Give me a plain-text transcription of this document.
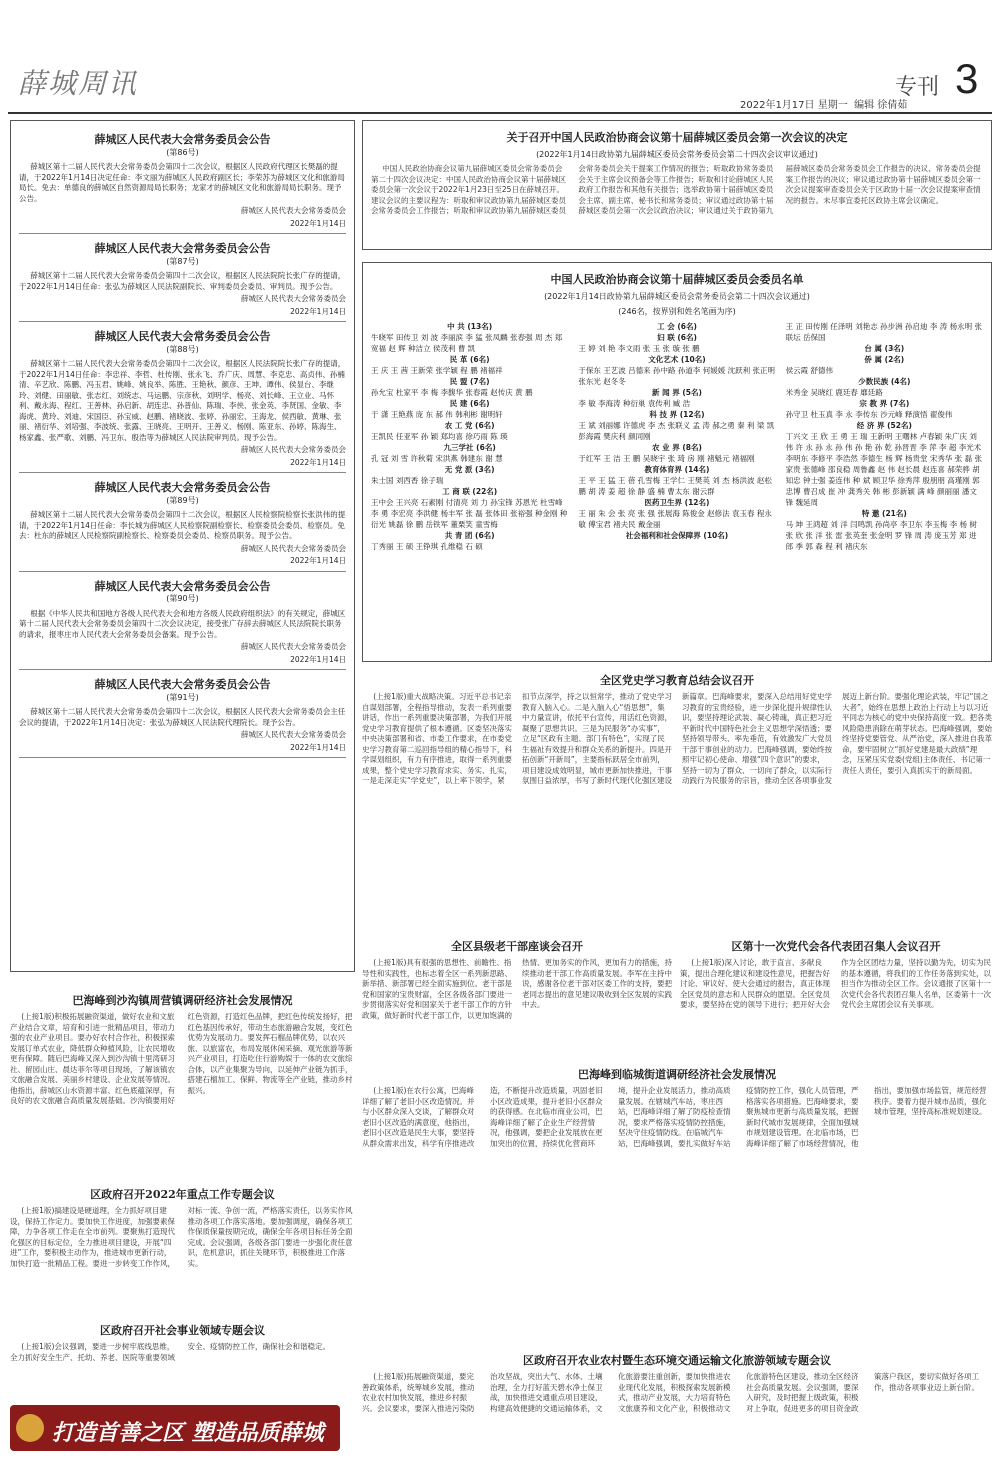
薛城周讯
2022年1月17日 星期一 编辑 徐倩茹
专刊 3
薛城区人民代表大会常务委员会公告
(第86号)

薛城区第十二届人民代表大会常务委员会第四十二次会议，根据区人民政府代理区长樊磊的提请，于2022年1月14日决定任命：李文丽为薛城区人民政府副区长；李荣苏为薛城区文化和旅游局局长。免去：单德良的薛城区自然资源局局长职务；龙家才的薛城区文化和旅游局局长职务。现予公告。

薛城区人民代表大会常务委员会
2022年1月14日
薛城区人民代表大会常务委员会公告
(第87号)

薛城区第十二届人民代表大会常务委员会第四十二次会议，根据区人民法院院长张广存的提请，于2022年1月14日任命：张弘为薛城区人民法院副院长、审判委员会委员、审判员。现予公告。

薛城区人民代表大会常务委员会
2022年1月14日
薛城区人民代表大会常务委员会公告
(第88号)

薛城区第十二届人民代表大会常务委员会第四十二次会议，根据区人民法院院长张广存的提请，于2022年1月14日任命：李忠祥、李哲、杜传刚、张永飞、乔广庆、周慧、李克忠、高贞伟、孙楠清、辛艺欣、陈鹏、冯玉君、姚峰、姚良举、陈胜、王艳秋、颜彦、王坤、谭伟、侯显台、李继玲、刘健、田丽敏、张志红、刘统志、马运鹏、宗彦秋、刘明学、杨亮、刘长峰、王立业、马怀利、戴永海、程红、王善林、孙启新、胡连忠、孙普仙、陈瑞、李侠、张金英、李贤国、金敏、李海虎、黄玲、刘迪、宋国臣、孙宝威、赵鹏、褚晓波、张婷、孙丽宏、王海龙、侯西敏、黄琳、张丽、褚衍华、刘培强、李波统、张露、王晓亮、王明开、王善义、杨刚、陈亚东、孙婷、陈海生、杨家鑫、张严歌、刘鹏、冯卫东、殷浩等为薛城区人民法院审判员。现予公告。

薛城区人民代表大会常务委员会
2022年1月14日
薛城区人民代表大会常务委员会公告
(第89号)

薛城区第十二届人民代表大会常务委员会第四十二次会议，根据区人民检察院检察长张洪伟的提请，于2022年1月14日任命：李长城为薛城区人民检察院副检察长、检察委员会委员、检察员。免去：杜东的薛城区人民检察院副检察长、检察委员会委员、检察员职务。现予公告。

薛城区人民代表大会常务委员会
2022年1月14日
薛城区人民代表大会常务委员会公告
(第90号)

根据《中华人民共和国地方各级人民代表大会和地方各级人民政府组织法》的有关规定，薛城区第十二届人民代表大会常务委员会第四十二次会议决定，接受张广存辞去薛城区人民法院院长职务的请求，报枣庄市人民代表大会常务委员会备案。现予公告。

薛城区人民代表大会常务委员会
2022年1月14日
薛城区人民代表大会常务委员会公告
(第91号)

薛城区第十二届人民代表大会常务委员会第四十二次会议，根据区人民代表大会常务委员会主任会议的提请，于2022年1月14日决定：张弘为薛城区人民法院代理院长。现予公告。

薛城区人民代表大会常务委员会
2022年1月14日
关于召开中国人民政治协商会议第十届薛城区委员会第一次会议的决定
(2022年1月14日政协第九届薛城区委员会常务委员会第二十四次会议审议通过)

中国人民政治协商会议第九届薛城区委员会常务委员会第二十四次会议决定：中国人民政治协商会议第十届薛城区委员会第一次会议于2022年1月23日至25日在薛城召开。建议会议的主要议程为：听取和审议政协第九届薛城区委员会常务委员会工作报告；听取和审议政协第九届薛城区委员会常务委员会关于提案工作情况的报告；听取政协常务委员会关于主席会议预备会等工作报告；听取和讨论薛城区人民政府工作报告和其他有关报告；选举政协第十届薛城区委员会主席、副主席、秘书长和常务委员；审议通过政协第十届薛城区委员会第一次会议政治决议；审议通过关于政协第九届薛城区委员会常务委员会工作报告的决议、常务委员会提案工作报告的决议；审议通过政协第十届薛城区委员会第一次会议提案审查委员会关于区政协十届一次会议提案审查情况的报告。未尽事宜委托区政协主席会议确定。

中国人民政治协商会议第十届薛城区委员会委员名单
(2022年1月14日政协第九届薛城区委员会常务委员会第二十四次会议通过)
(246名，按界别和姓名笔画为序)
中 共 (13名)
牛晓军 田传卫 刘 波 李丽滨 李 猛 张凤麟 张春强 周 杰 郑宽福 赵 辉 种洁立 侯茂利 曹 凯
民 革 (6名)
王 庆 王 茜 王新荣 张学颖 程 鹏 褚福祥
民 盟 (7名)
孙允宝 杜家平 李 梅 李馥华 张春霞 赵传庆 黄 鹏
民 建 (6名)
于 潇 王艳燕 庞 东 郝 伟 韩利彬 谢明轩
农 工 党 (6名)
王凯民 任亚军 孙 颖 郑均喜 徐巧雨 陈 瑛
九三学社 (6名)
孔 冠 刘 雪 许秋菊 宋洪燕 韩建东 谢 慧
无 党 派 (3名)
朱士国 刘西香 徐子瑞
工 商 联 (22名)
王中会 王兴亮 石素刚 付清亮 刘 力 孙宝锋 苏恩光 杜雪峰 李 勇 李宏亮 李洪健 杨丰军 张 磊 张体田 张裕强 种金刚 种衍光 姚磊 徐 鹏 岳铁军 董栗笑 童雪梅
共 青 团 (6名)
丁秀丽 王 硕 王铮琪 孔维稳 石 硕
工 会 (6名)
妇 联 (6名)
王 婷 刘 艳 李文雨 张 玉 张 璇 张 鹏
文化艺术 (10名)
于保东 王艺波 吕德来 孙中路 孙道李 何媛媛 沈跃利 张正明 张东光 赵冬冬
新 闻 界 (5名)
李 敏 李海涛 种衍巢 袁传利 臧 浩
科 技 界 (12名)
王 斌 刘丽娜 许德虎 李 杰 张联义 孟 涛 郝之勇 秦 利 梁 凯 彭海霞 樊庆利 颜同刚
农 业 界 (8名)
于红军 王 洁 王 鹏 吴晓宇 张 琦 房 刚 褚魁元 褚福刚
教育体育界 (14名)
王 平 王 猛 王 蓓 孔雪梅 王学仁 王樊英 刘 杰 杨洪波 赵松鹏 胡 涛 姜 超 徐 静 盛 楠 曹太东 谢云群
医药卫生界 (12名)
王 丽 朱 会 张 亮 张 强 张展海 陈俊金 赵修法 袁玉春 程永敏 傅宝君 褚夫民 戴金丽
社会福利和社会保障界 (10名)
王 正 田传刚 任泽明 刘艳志 孙步洲 孙启迪 李 涛 杨永明 张联坛 岳保国
台 属 (3名)
侨 属 (2名)
侯云霞 舒德伟
少数民族 (4名)
米秀金 吴晓红 鹿廷春 靡廷路
宗 教 界 (7名)
孙守卫 杜玉真 李 永 李传东 沙元峰 释演悟 翟俊伟
经 济 界 (52名)
丁兴文 王 欣 王 勇 王 瑞 王新明 王曙林 卢春颖 朱广庆 刘 伟 许 永 孙 永 孙 伟 孙 艳 孙 乾 孙晋晋 李 萍 李 超 李光术 李明东 李修平 李浩然 李德生 杨 辉 杨贵堂 宋秀华 张 磊 张家贵 张德峰 邵良稳 周鲁鑫 赵 伟 赵长晨 赵连喜 郝荣骅 胡知忠 钟士强 姜连伟 种 斌 顾卫华 徐秀萍 殷朋朋 高瑾刚 郭忠博 曹召成 崔 冲 龚秀关 韩 彬 彭新颖 满 峰 颜丽丽 潘文锋 魏延周
特 邀 (21名)
马 坤 王鸿超 刘 洋 闫鸣凯 孙尚亭 李卫东 李玉梅 李 杨 树 张 欣 张 洋 张 雷 张英奎 张金明 罗 锋 周 涛 庞玉芳 郑 进 郎 季 郭 森 程 利 褚庆东
全区党史学习教育总结会议召开

(上接1版)重大战略决策。习近平总书记亲自谋划部署，全程指导推动，发表一系列重要讲话，作出一系列重要决策部署，为我们开展党史学习教育提供了根本遵循。区委坚决落实中央决策部署和省、市委工作要求，在市委党史学习教育第二巡回指导组的精心指导下，科学谋划组织，有力有序推进，取得一系列重要成果，整个党史学习教育求实、务实、扎实，一是走深走实“学党史”，以上率下领学，紧扣节点深学，持之以恒常学，推动了党史学习教育入脑入心。二是入脑入心“悟思想”，集中力量宣讲，依托平台宣传，用活红色资源，凝聚了思想共识。三是为民服务“办实事”，立足“区政有主题、部门有特色”，实现了民生福祉有效提升和群众关系的新提升。四是开拓创新“开新局”，主要指标跃居全市前列，项目建设成效明显，城市更新加快推进，干事氛围日益浓厚，书写了新时代现代化强区建设新篇章。巴海峰要求，要深入总结用好党史学习教育的宝贵经验，进一步深化提升规律性认识，要坚持理论武装、凝心铸魂，真正把习近平新时代中国特色社会主义思想学深悟透；要坚持领导带头、率先垂范，有效激发广大党员干部干事创业的动力。巴海峰强调，要始终按照牢记初心使命、增强“四个意识”的要求，坚持一切为了群众、一切向了群众，以实际行动践行为民服务的宗旨，推动全区各项事业发展迈上新台阶。要强化理论武装，牢记“国之大者”，始终在思想上政治上行动上与以习近平同志为核心的党中央保持高度一致。把各类风险隐患消除在萌芽状态。巴海峰强调，要始终坚持党要管党、从严治党，深入推进自我革命，要牢固树立“抓好党建是最大政绩”理念，压紧压实党委(党组)主体责任、书记第一责任人责任，要引入真抓实干的新局面。

全区县级老干部座谈会召开

(上接1版)具有很强的思想性、前瞻性、指导性和实践性，也标志着全区一系列新思路、新举措、新部署已经全面实施到位。老干部是党和国家的宝贵财富，全区各级各部门要进一步贯彻落实好党和国家关于老干部工作的方针政策，做好新时代老干部工作，以更加饱满的热情、更加务实的作风，更加有力的措施，持续推动老干部工作高质量发展。李军在主持中说，感谢各位老干部对区委工作的支持，要把老同志提出的意见建议吸收到全区发展的实践中去。

区第十一次党代会各代表团召集人会议召开

(上接1版)深入讨论，敢于直言、多献良策，提出合理化建议和建设性意见，把握告好讨论、审议好、使大会通过的报告，真正体现全区党员的意志和人民群众的愿望。全区党员要求，要坚持在党的领导下进行；把开好大会作为全区团结力量，坚持以勤为先，切实为民的基本遵循，将我们的工作任务落到实处，以担当作为推动全区工作。会议通报了区第十一次党代会各代表团召集人名单，区委第十一次党代会主席团会议有关事项。

巴海峰到沙沟镇周营镇调研经济社会发展情况

(上接1版)积极拓展融资渠道，做好农业和文旅产业结合文章，培育和引进一批精品项目，带动力强的农业产业项目。要办好农村合作社，积极探索发展订单式农业，降低群众种植风险，让农民增收更有保障。随后巴海峰又深入到沙沟镇十里湾研习社、留园山庄、晨达菲尔等项目现场，了解该镇农文旅融合发展、美丽乡村建设、企业发展等情况。他指出，薛城区山水资源丰富、红色底蕴深厚，有良好的农文旅融合高质量发展基础。沙沟镇要用好红色资源，打造红色品牌，把红色传统发扬好，把红色基因传承好，带动生态旅游融合发展，变红色优势为发展动力。要发挥石榴品牌优势，以农兴旅、以旅富农，布局发展休闲采摘、观光旅游等新兴产业项目，打造吃住行游购娱于一体的农文旅综合体，以产业集聚为导向，以延伸产业链为抓手，搭建石榴加工、保鲜、物流等全产业链，推动乡村振兴。

区政府召开2022年重点工作专题会议

(上接1版)搞建设是硬道理，全力抓好项目建设，保持工作定力。要加快工作进度，加强要素保障，力争各项工作走在全市前列。要聚焦打造现代化强区的目标定位，全力推进项目建设，开展“四进”工作，要积极主动作为，推进城市更新行动，加快打造一批精品工程。要进一步转变工作作风，对标一流、争创一流，严格落实责任，以务实作风推动各项工作落实落地。要加强调度，确保各项工作保质保量按期完成，确保全年各项目标任务全面完成。会议强调，各级各部门要进一步强化责任意识，危机意识，抓住关键环节，积极推进工作落实。

区政府召开社会事业领域专题会议

(上接1版)会议强调，要进一步树牢底线思维，全力抓好安全生产、托幼、养老、医院等重要领域安全、疫情防控工作，确保社会和谐稳定。

巴海峰到临城街道调研经济社会发展情况

(上接1版)在农行公寓，巴海峰详细了解了老旧小区改造情况。并与小区群众深入交谈，了解群众对老旧小区改造的满意度，他指出，老旧小区改造是民生大事，要坚持从群众需求出发，科学有序推进改造，不断提升改造质量，巩固老旧小区改造成果，提升老旧小区群众的获得感。在北临市商业公司，巴海峰详细了解了企业生产经营情况，他强调，要把企业发展放在更加突出的位置，持续优化营商环境，提升企业发展活力，推动高质量发展。在辖城汽车站，枣庄西站，巴海峰详细了解了防疫检查情况，要求严格落实疫情防控措施，坚决守住疫情防线。在临城汽车站，巴海峰强调，要扎实做好车站疫情防控工作，强化人员管理，严格落实各项措施。巴海峰要求，要聚焦城市更新与高质量发展，把握新时代城市发展规律，全面加强城市规划建设管理。在北临市场，巴海峰详细了解了市场经营情况，他指出，要加强市场监管，规范经营秩序。要着力提升城市品质，强化城市管理，坚持高标准规划建设。

区政府召开农业农村暨生态环境交通运输文化旅游领域专题会议

(上接1版)拓展融资渠道，要完善政策体系，统筹城乡发展，推动农业农村加快发展，推进乡村振兴。会议要求，要深入推进污染防治攻坚战，突出大气、水体、土壤治理，全力打好蓝天碧水净土保卫战，加快推进交通重点项目建设，构建高效便捷的交通运输体系，文化旅游要注重创新，要加快推进农业现代化发展，积极探索发展新模式，推动产业发展，大力培育特色文旅康养和文化产业，积极推动文化旅游特色区建设，推动全区经济社会高质量发展。会议强调，要深入研究，及时把握上级政策，积极对上争取，促进更多的项目资金政策落户我区，要切实做好各项工作，推动各项事业迈上新台阶。

打造首善之区 塑造品质薛城
